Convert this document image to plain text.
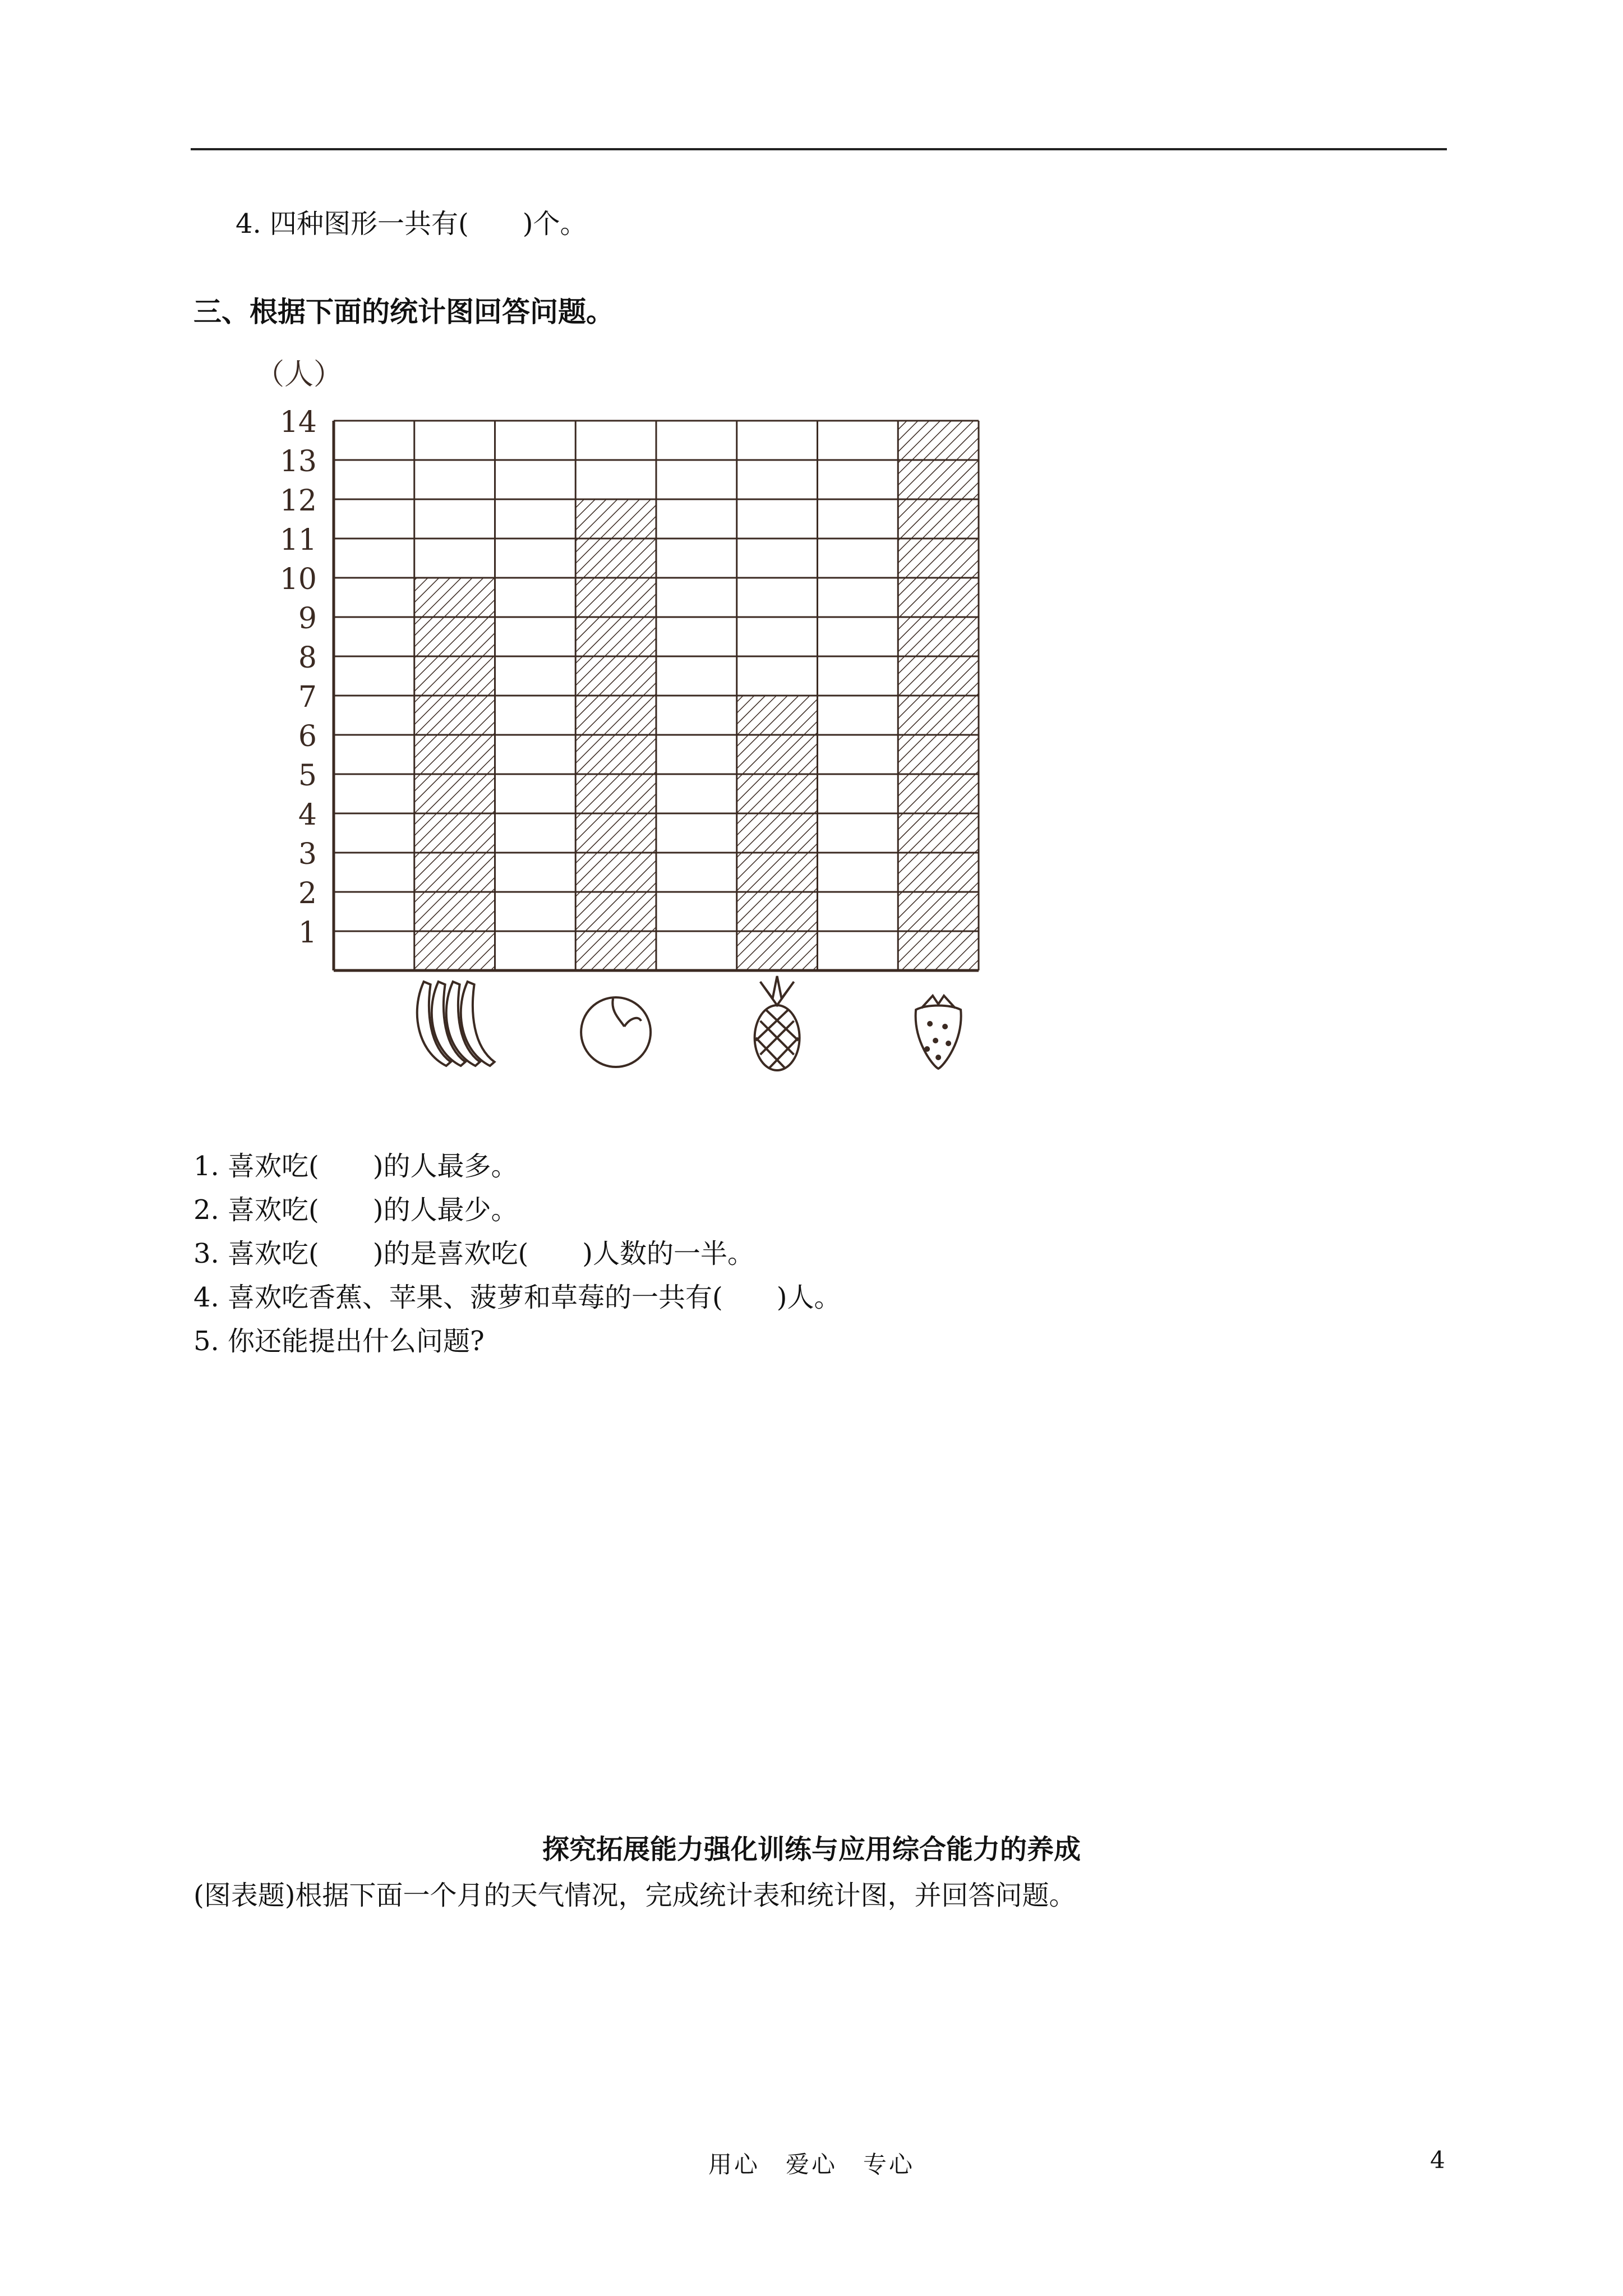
4. 四种图形一共有(　　)个。
三、根据下面的统计图回答问题。
（人）
1
2
3
4
5
6
7
8
9
10
11
12
13
14
1. 喜欢吃(　　)的人最多。
2. 喜欢吃(　　)的人最少。
3. 喜欢吃(　　)的是喜欢吃(　　)人数的一半。
4. 喜欢吃香蕉、苹果、菠萝和草莓的一共有(　　)人。
5. 你还能提出什么问题?
探究拓展能力强化训练与应用综合能力的养成
(图表题)根据下面一个月的天气情况，完成统计表和统计图，并回答问题。
用心　爱心　专心	4
